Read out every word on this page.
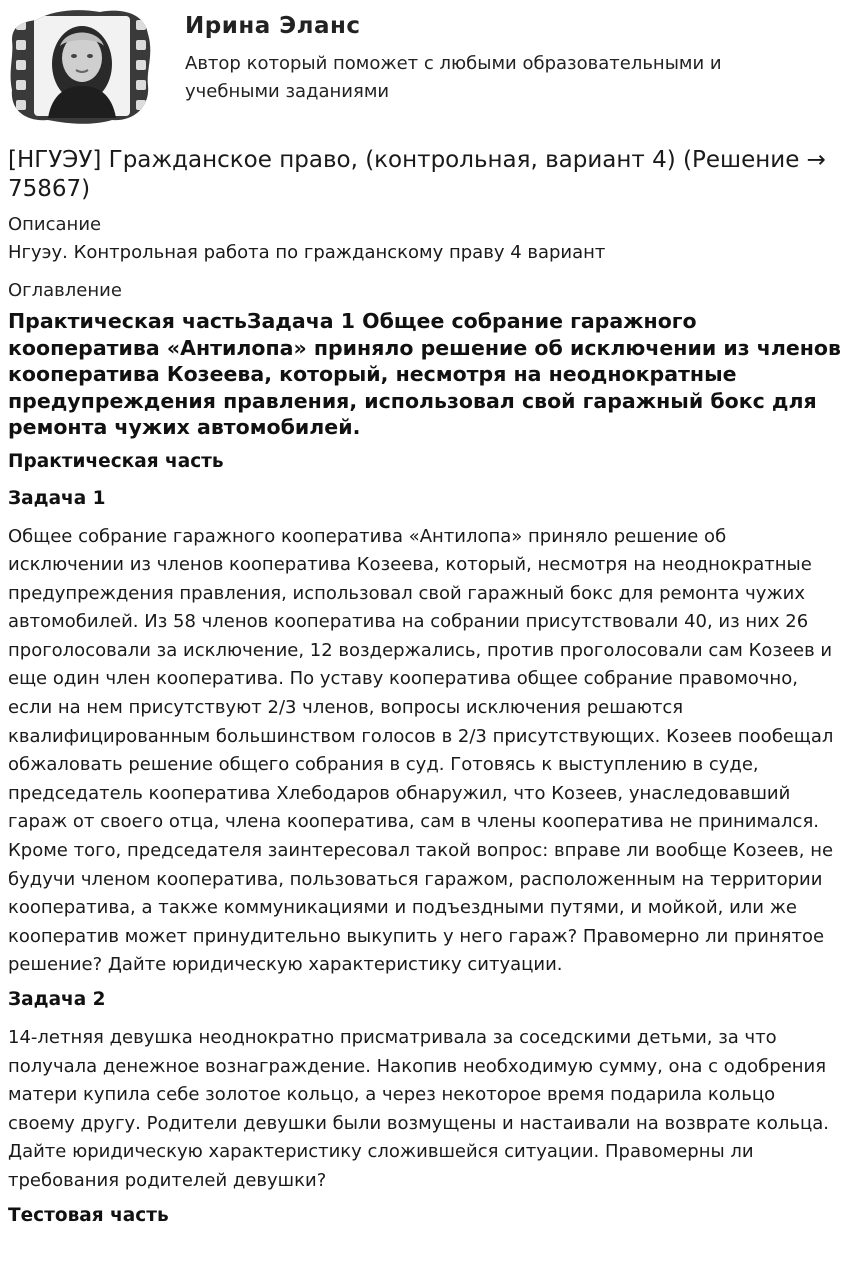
Ирина Эланс
Автор который поможет с любыми образовательными и учебными заданиями
[НГУЭУ] Гражданское право, (контрольная, вариант 4) (Решение → 75867)
Описание
Нгуэу. Контрольная работа по гражданскому праву 4 вариант
Оглавление
Практическая частьЗадача 1 Общее собрание гаражного кооператива «Антилопа» приняло решение об исключении из членов кооператива Козеева, который, несмотря на неоднократные предупреждения правления, использовал свой гаражный бокс для ремонта чужих автомобилей.
Практическая часть
Задача 1

Общее собрание гаражного кооператива «Антилопа» приняло решение об исключении из членов кооператива Козеева, который, несмотря на неоднократные предупреждения правления, использовал свой гаражный бокс для ремонта чужих автомобилей. Из 58 членов кооператива на собрании присутствовали 40, из них 26 проголосовали за исключение, 12 воздержались, против проголосовали сам Козеев и еще один член кооператива. По уставу кооператива общее собрание правомочно, если на нем присутствуют 2/3 членов, вопросы исключения решаются квалифицированным большинством голосов в 2/3 присутствующих. Козеев пообещал обжаловать решение общего собрания в суд. Готовясь к выступлению в суде, председатель кооператива Хлебодаров обнаружил, что Козеев, унаследовавший гараж от своего отца, члена кооператива, сам в члены кооператива не принимался. Кроме того, председателя заинтересовал такой вопрос: вправе ли вообще Козеев, не будучи членом кооператива, пользоваться гаражом, расположенным на территории кооператива, а также коммуникациями и подъездными путями, и мойкой, или же кооператив может принудительно выкупить у него гараж? Правомерно ли принятое решение? Дайте юридическую характеристику ситуации.

Задача 2

14-летняя девушка неоднократно присматривала за соседскими детьми, за что получала денежное вознаграждение. Накопив необходимую сумму, она с одобрения матери купила себе золотое кольцо, а через некоторое время подарила кольцо своему другу. Родители девушки были возмущены и настаивали на возврате кольца. Дайте юридическую характеристику сложившейся ситуации. Правомерны ли требования родителей девушки?

Тестовая часть
